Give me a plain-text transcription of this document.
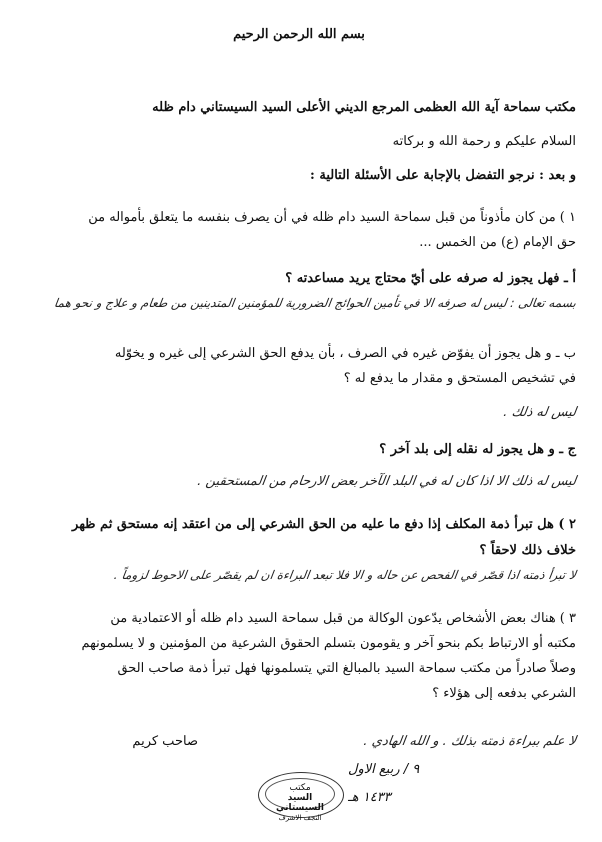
بسم الله الرحمن الرحيم
مكتب سماحة آية الله العظمى المرجع الديني الأعلى السيد السيستاني دام ظله
السلام عليكم و رحمة الله و بركاته
و بعد : نرجو التفضل بالإجابة على الأسئلة التالية :
١ ) من كان مأذوناً من قبل سماحة السيد دام ظله في أن يصرف بنفسه ما يتعلق بأمواله من
حق الإمام (ع) من الخمس ...
أ ـ فهل يجوز له صرفه على أيّ محتاج يريد مساعدته ؟
بسمه تعالى : ليس له صرفه الا في تأمين الحوائج الضرورية للمؤمنين المتدينين من طعام و علاج و نحو هما
ب ـ و هل يجوز أن يفوّض غيره في الصرف ، بأن يدفع الحق الشرعي إلى غيره و يخوّله
في تشخيص المستحق و مقدار ما يدفع له ؟
ليس له ذلك .
ج ـ و هل يجوز له نقله إلى بلد آخر ؟
ليس له ذلك الا اذا كان له في البلد الآخر بعض الارحام من المستحقين .
٢ ) هل تبرأ ذمة المكلف إذا دفع ما عليه من الحق الشرعي إلى من اعتقد إنه مستحق ثم ظهر
خلاف ذلك لاحقاً ؟
لا تبرأ ذمته اذا قصّر في الفحص عن حاله و الا فلا تبعد البراءة ان لم يقصّر على الاحوط لزوماً .
٣ ) هناك بعض الأشخاص يدّعون الوكالة من قبل سماحة السيد دام ظله أو الاعتمادية من
مكتبه أو الارتباط بكم بنحو آخر و يقومون بتسلم الحقوق الشرعية من المؤمنين و لا يسلمونهم
وصلاً صادراً من مكتب سماحة السيد بالمبالغ التي يتسلمونها فهل تبرأ ذمة صاحب الحق
الشرعي بدفعه إلى هؤلاء ؟
لا علم ببراءة ذمته بذلك . و الله الهادي .
صاحب كريم
٩ / ربيع الاول
١٤٣٣ هـ
مكتب
السيد السيستاني
النجف الاشرف
